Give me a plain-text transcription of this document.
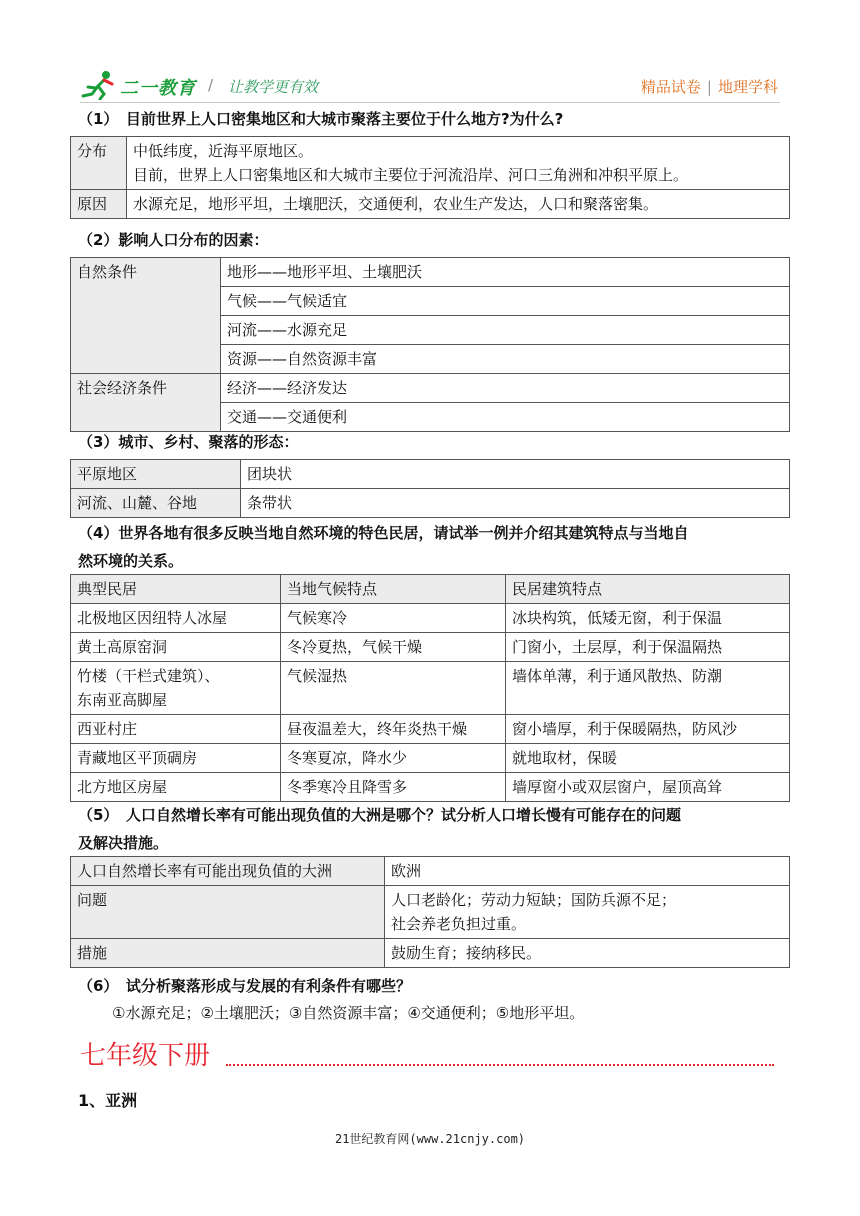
二一教育 / 让教学更有效	精品试卷 | 地理学科
（1）　目前世界上人口密集地区和大城市聚落主要位于什么地方?为什么?
分布	中低纬度，近海平原地区。
目前，世界上人口密集地区和大城市主要位于河流沿岸、河口三角洲和冲积平原上。

原因	水源充足，地形平坦，土壤肥沃，交通便利，农业生产发达，人口和聚落密集。
（2）影响人口分布的因素：
自然条件	地形——地形平坦、土壤肥沃
	气候——气候适宜
	河流——水源充足
	资源——自然资源丰富
社会经济条件	经济——经济发达
	交通——交通便利
（3）城市、乡村、聚落的形态：
平原地区	团块状
河流、山麓、谷地	条带状
（4）世界各地有很多反映当地自然环境的特色民居，请试举一例并介绍其建筑特点与当地自
然环境的关系。
典型民居	当地气候特点	民居建筑特点
北极地区因纽特人冰屋	气候寒冷	冰块构筑，低矮无窗，利于保温
黄土高原窑洞	冬冷夏热，气候干燥	门窗小，土层厚，利于保温隔热
竹楼（干栏式建筑）、
东南亚高脚屋	气候湿热	墙体单薄，利于通风散热、防潮
西亚村庄	昼夜温差大，终年炎热干燥	窗小墙厚，利于保暖隔热，防风沙
青藏地区平顶碉房	冬寒夏凉，降水少	就地取材，保暖
北方地区房屋	冬季寒冷且降雪多	墙厚窗小或双层窗户，屋顶高耸
（5）　人口自然增长率有可能出现负值的大洲是哪个？试分析人口增长慢有可能存在的问题
及解决措施。
人口自然增长率有可能出现负值的大洲	欧洲
问题	人口老龄化；劳动力短缺；国防兵源不足；
社会养老负担过重。

措施	鼓励生育；接纳移民。
（6）　试分析聚落形成与发展的有利条件有哪些？
①水源充足；②土壤肥沃；③自然资源丰富；④交通便利；⑤地形平坦。
七年级下册
1、亚洲
21世纪教育网(www.21cnjy.com)
